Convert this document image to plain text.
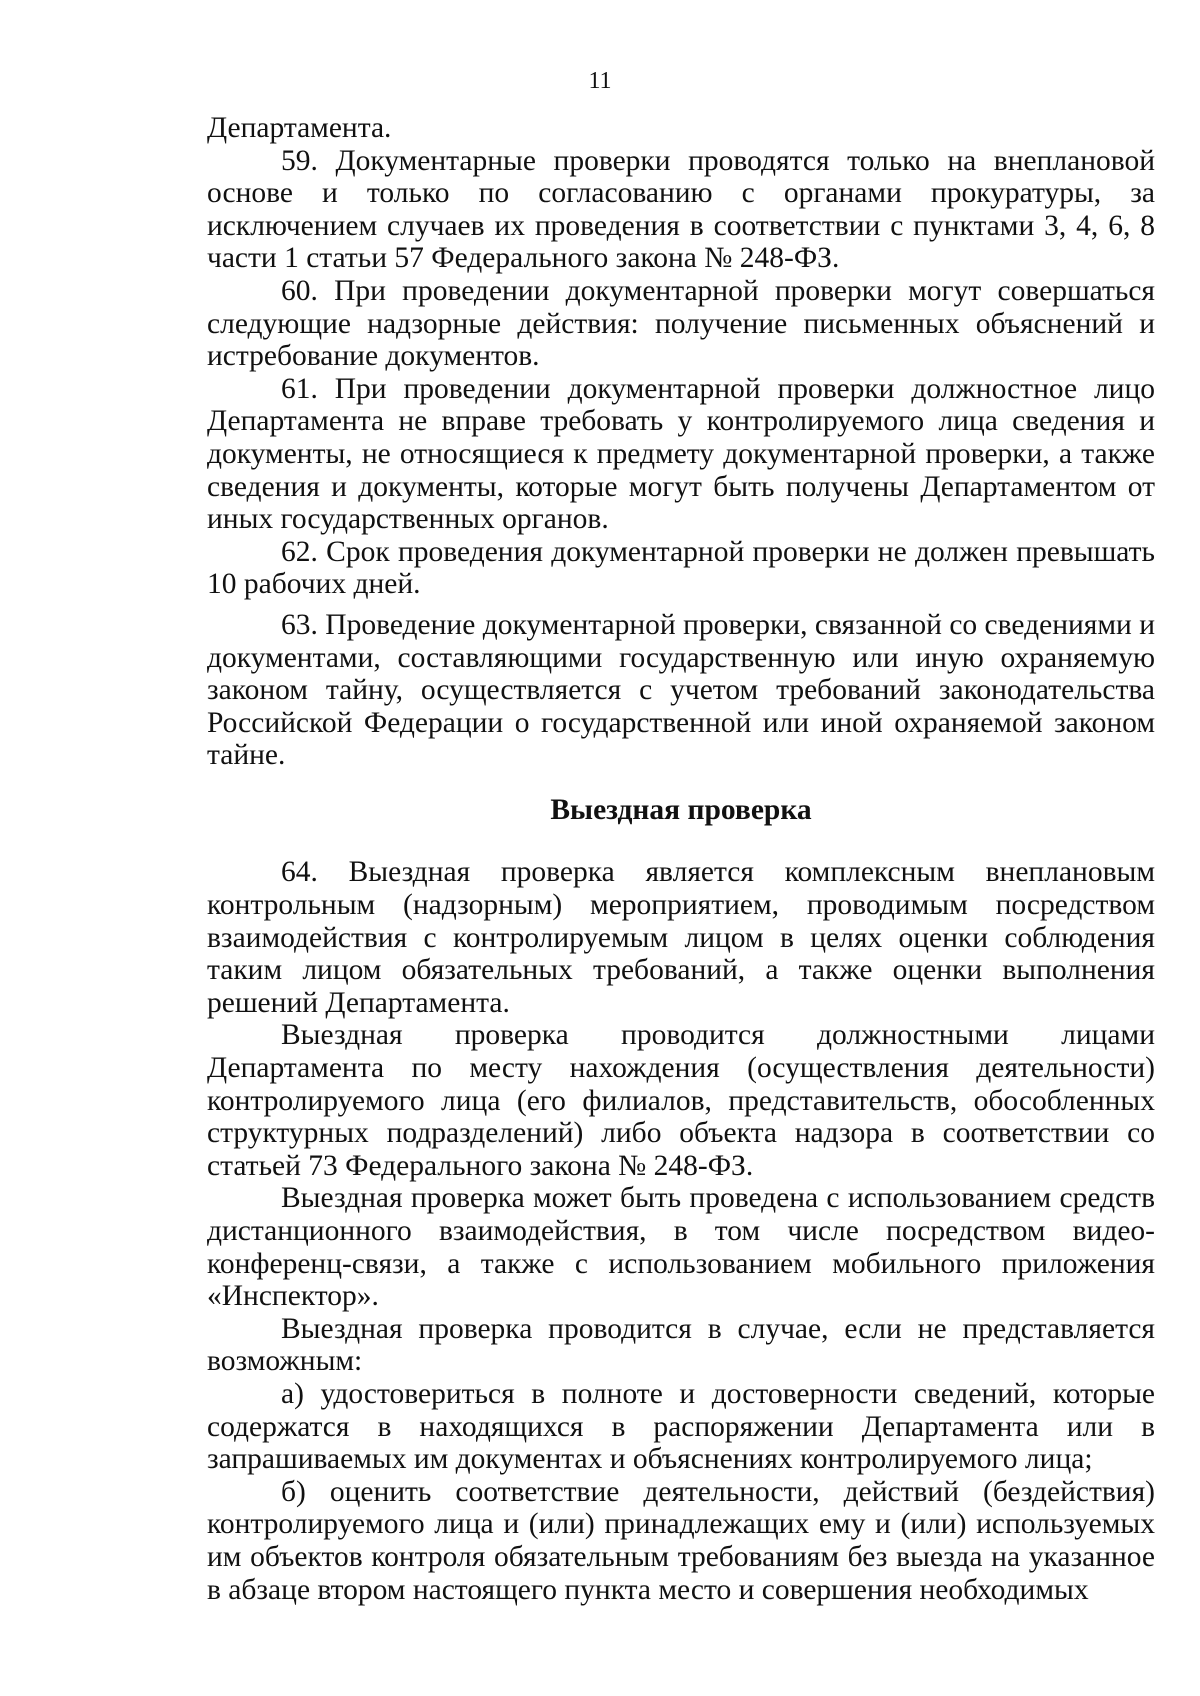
11

Департамента.

59. Документарные проверки проводятся только на внеплановой основе и только по согласованию с органами прокуратуры, за исключением случаев их проведения в соответствии с пунктами 3, 4, 6, 8 части 1 статьи 57 Федерального закона № 248-ФЗ.

60. При проведении документарной проверки могут совершаться следующие надзорные действия: получение письменных объяснений и истребование документов.

61. При проведении документарной проверки должностное лицо Департамента не вправе требовать у контролируемого лица сведения и документы, не относящиеся к предмету документарной проверки, а также сведения и документы, которые могут быть получены Департаментом от иных государственных органов.

62. Срок проведения документарной проверки не должен превышать 10 рабочих дней.

63. Проведение документарной проверки, связанной со сведениями и документами, составляющими государственную или иную охраняемую законом тайну, осуществляется с учетом требований законодательства Российской Федерации о государственной или иной охраняемой законом тайне.

Выездная проверка

64. Выездная проверка является комплексным внеплановым контрольным (надзорным) мероприятием, проводимым посредством взаимодействия с контролируемым лицом в целях оценки соблюдения таким лицом обязательных требований, а также оценки выполнения решений Департамента.

Выездная проверка проводится должностными лицами Департамента по месту нахождения (осуществления деятельности) контролируемого лица (его филиалов, представительств, обособленных структурных подразделений) либо объекта надзора в соответствии со статьей 73 Федерального закона № 248-ФЗ.

Выездная проверка может быть проведена с использованием средств дистанционного взаимодействия, в том числе посредством видео-конференц-связи, а также с использованием мобильного приложения «Инспектор».

Выездная проверка проводится в случае, если не представляется возможным:

а) удостовериться в полноте и достоверности сведений, которые содержатся в находящихся в распоряжении Департамента или в запрашиваемых им документах и объяснениях контролируемого лица;

б) оценить соответствие деятельности, действий (бездействия) контролируемого лица и (или) принадлежащих ему и (или) используемых им объектов контроля обязательным требованиям без выезда на указанное в абзаце втором настоящего пункта место и совершения необходимых
